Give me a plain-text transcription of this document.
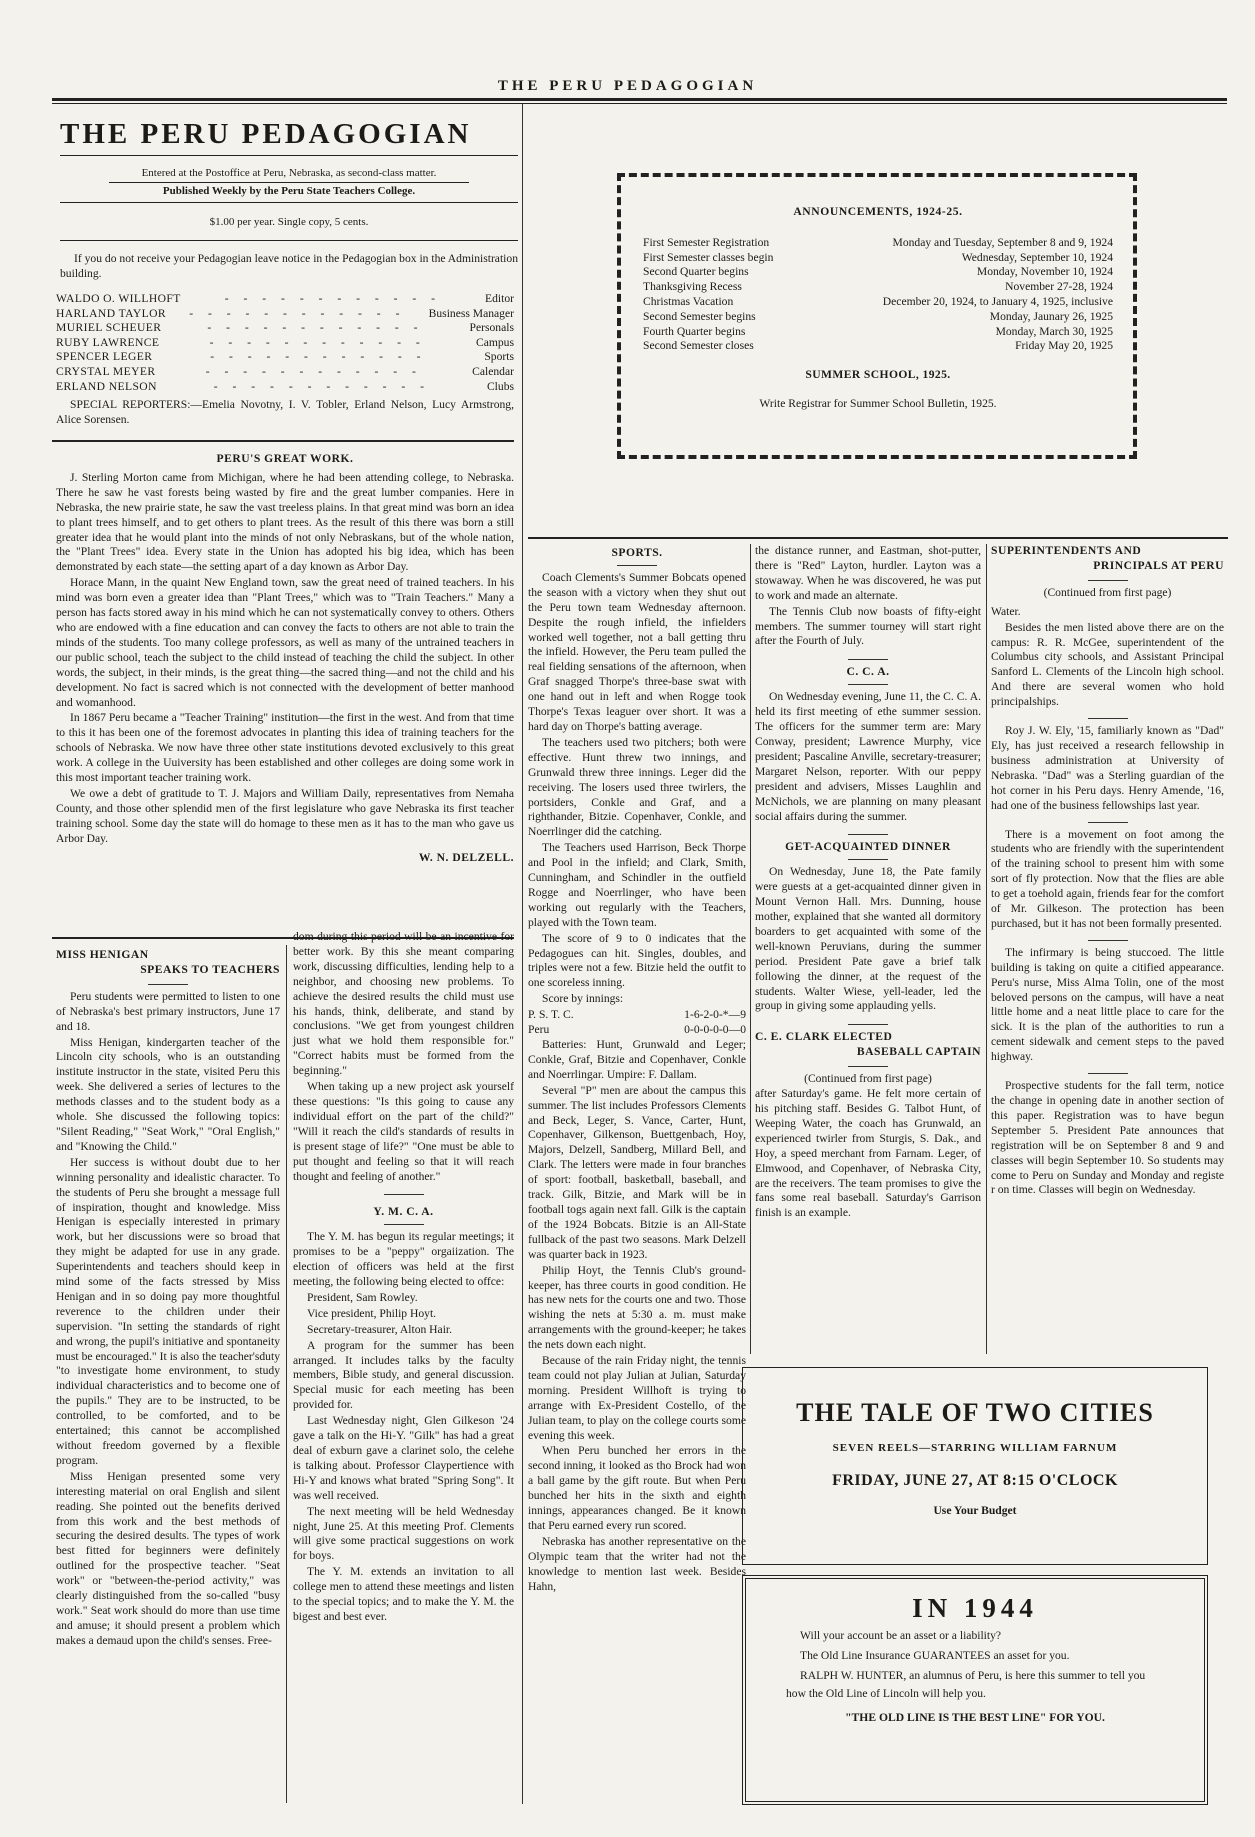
THE PERU PEDAGOGIAN
THE PERU PEDAGOGIAN
Entered at the Postoffice at Peru, Nebraska, as second-class matter.
Published Weekly by the Peru State Teachers College.
$1.00 per year. Single copy, 5 cents.
If you do not receive your Pedagogian leave notice in the Pedagogian box in the Administration building.
WALDO O. WILLHOFT	- - - - - - - - - - - -	Editor
HARLAND TAYLOR	- - - - - - - - - - - -	Business Manager
MURIEL SCHEUER	- - - - - - - - - - - -	Personals
RUBY LAWRENCE	- - - - - - - - - - - -	Campus
SPENCER LEGER	- - - - - - - - - - - -	Sports
CRYSTAL MEYER	- - - - - - - - - - - -	Calendar
ERLAND NELSON	- - - - - - - - - - - -	Clubs

SPECIAL REPORTERS:—Emelia Novotny, I. V. Tobler, Erland Nelson, Lucy Armstrong, Alice Sorensen.

PERU'S GREAT WORK.

J. Sterling Morton came from Michigan, where he had been attending college, to Nebraska. There he saw he vast forests being wasted by fire and the great lumber companies. Here in Nebraska, the new prairie state, he saw the vast treeless plains. In that great mind was born an idea to plant trees himself, and to get others to plant trees. As the result of this there was born a still greater idea that he would plant into the minds of not only Nebraskans, but of the whole nation, the "Plant Trees" idea. Every state in the Union has adopted his big idea, which has been demonstrated by each state—the setting apart of a day known as Arbor Day.

Horace Mann, in the quaint New England town, saw the great need of trained teachers. In his mind was born even a greater idea than "Plant Trees," which was to "Train Teachers." Many a person has facts stored away in his mind which he can not systematically convey to others. Others who are endowed with a fine education and can convey the facts to others are not able to train the minds of the students. Too many college professors, as well as many of the untrained teachers in our public school, teach the subject to the child instead of teaching the child the subject. In other words, the subject, in their minds, is the great thing—the sacred thing—and not the child and his development. No fact is sacred which is not connected with the development of better manhood and womanhood.

In 1867 Peru became a "Teacher Training" institution—the first in the west. And from that time to this it has been one of the foremost advocates in planting this idea of training teachers for the schools of Nebraska. We now have three other state institutions devoted exclusively to this great work. A college in the Uuiversity has been established and other colleges are doing some work in this most important teacher training work.

We owe a debt of gratitude to T. J. Majors and William Daily, representatives from Nemaha County, and those other splendid men of the first legislature who gave Nebraska its first teacher training school. Some day the state will do homage to these men as it has to the man who gave us Arbor Day.

W. N. DELZELL.
MISS HENIGAN
SPEAKS TO TEACHERS

Peru students were permitted to listen to one of Nebraska's best primary instructors, June 17 and 18.

Miss Henigan, kindergarten teacher of the Lincoln city schools, who is an outstanding institute instructor in the state, visited Peru this week. She delivered a series of lectures to the methods classes and to the student body as a whole. She discussed the following topics: "Silent Reading," "Seat Work," "Oral English," and "Knowing the Child."

Her success is without doubt due to her winning personality and idealistic character. To the students of Peru she brought a message full of inspiration, thought and knowledge. Miss Henigan is especially interested in primary work, but her discussions were so broad that they might be adapted for use in any grade. Superintendents and teachers should keep in mind some of the facts stressed by Miss Henigan and in so doing pay more thoughtful reverence to the children under their supervision. "In setting the standards of right and wrong, the pupil's initiative and spontaneity must be encouraged." It is also the teacher'sduty "to investigate home environment, to study individual characteristics and to become one of the pupils." They are to be instructed, to be controlled, to be comforted, and to be entertained; this cannot be accomplished without freedom governed by a flexible program.

Miss Henigan presented some very interesting material on oral English and silent reading. She pointed out the benefits derived from this work and the best methods of securing the desired desults. The types of work best fitted for beginners were definitely outlined for the prospective teacher. "Seat work" or "between-the-period activity," was clearly distinguished from the so-called "busy work." Seat work should do more than use time and amuse; it should present a problem which makes a demaud upon the child's senses. Free-

dom during this period will be an incentive for better work. By this she meant comparing work, discussing difficulties, lending help to a neighbor, and choosing new problems. To achieve the desired results the child must use his hands, think, deliberate, and stand by conclusions. "We get from youngest children just what we hold them responsible for." "Correct habits must be formed from the beginning."

When taking up a new project ask yourself these questions: "Is this going to cause any individual effort on the part of the child?" "Will it reach the cild's standards of results in is present stage of life?" "One must be able to put thought and feeling so that it will reach thought and feeling of another."

Y. M. C. A.

The Y. M. has begun its regular meetings; it promises to be a "peppy" orgaiization. The election of officers was held at the first meeting, the following being elected to offce:

President, Sam Rowley.

Vice president, Philip Hoyt.

Secretary-treasurer, Alton Hair.

A program for the summer has been arranged. It includes talks by the faculty members, Bible study, and general discussion. Special music for each meeting has been provided for.

Last Wednesday night, Glen Gilkeson '24 gave a talk on the Hi-Y. "Gilk" has had a great deal of exburn gave a clarinet solo, the celehe is talking about. Professor Claypertience with Hi-Y and knows what brated "Spring Song". It was well received.

The next meeting will be held Wednesday night, June 25. At this meeting Prof. Clements will give some practical suggestions on work for boys.

The Y. M. extends an invitation to all college men to attend these meetings and listen to the special topics; and to make the Y. M. the bigest and best ever.

ANNOUNCEMENTS, 1924-25.
First Semester Registration	Monday and Tuesday, September 8 and 9, 1924
First Semester classes begin	Wednesday, September 10, 1924
Second Quarter begins	Monday, November 10, 1924
Thanksgiving Recess	November 27-28, 1924
Christmas Vacation	December 20, 1924, to January 4, 1925, inclusive
Second Semester begins	Monday, Jaunary 26, 1925
Fourth Quarter begins	Monday, March 30, 1925
Second Semester closes	Friday May 20, 1925
SUMMER SCHOOL, 1925.
Write Registrar for Summer School Bulletin, 1925.
SPORTS.

Coach Clements's Summer Bobcats opened the season with a victory when they shut out the Peru town team Wednesday afternoon. Despite the rough infield, the infielders worked well together, not a ball getting thru the infield. However, the Peru team pulled the real fielding sensations of the afternoon, when Graf snagged Thorpe's three-base swat with one hand out in left and when Rogge took Thorpe's Texas leaguer over short. It was a hard day on Thorpe's batting average.

The teachers used two pitchers; both were effective. Hunt threw two innings, and Grunwald threw three innings. Leger did the receiving. The losers used three twirlers, the portsiders, Conkle and Graf, and a righthander, Bitzie. Copenhaver, Conkle, and Noerrlinger did the catching.

The Teachers used Harrison, Beck Thorpe and Pool in the infield; and Clark, Smith, Cunningham, and Schindler in the outfield Rogge and Noerrlinger, who have been working out regularly with the Teachers, played with the Town team.

The score of 9 to 0 indicates that the Pedagogues can hit. Singles, doubles, and triples were not a few. Bitzie held the outfit to one scoreless inning.

Score by innings:

P. S. T. C.	1-6-2-0-*—9
Peru	0-0-0-0-0—0

Batteries: Hunt, Grunwald and Leger; Conkle, Graf, Bitzie and Copenhaver, Conkle and Noerrlingar. Umpire: F. Dallam.

Several "P" men are about the campus this summer. The list includes Professors Clements and Beck, Leger, S. Vance, Carter, Hunt, Copenhaver, Gilkenson, Buettgenbach, Hoy, Majors, Delzell, Sandberg, Millard Bell, and Clark. The letters were made in four branches of sport: football, basketball, baseball, and track. Gilk, Bitzie, and Mark will be in football togs again next fall. Gilk is the captain of the 1924 Bobcats. Bitzie is an All-State fullback of the past two seasons. Mark Delzell was quarter back in 1923.

Philip Hoyt, the Tennis Club's ground-keeper, has three courts in good condition. He has new nets for the courts one and two. Those wishing the nets at 5:30 a. m. must make arrangements with the ground-keeper; he takes the nets down each night.

Because of the rain Friday night, the tennis team could not play Julian at Julian, Saturday morning. President Willhoft is trying to arrange with Ex-President Costello, of the Julian team, to play on the college courts some evening this week.

When Peru bunched her errors in the second inning, it looked as tho Brock had won a ball game by the gift route. But when Peru bunched her hits in the sixth and eighth innings, appearances changed. Be it known that Peru earned every run scored.

Nebraska has another representative on the Olympic team that the writer had not the knowledge to mention last week. Besides Hahn,

the distance runner, and Eastman, shot-putter, there is "Red" Layton, hurdler. Layton was a stowaway. When he was discovered, he was put to work and made an alternate.

The Tennis Club now boasts of fifty-eight members. The summer tourney will start right after the Fourth of July.

C. C. A.

On Wednesday evening, June 11, the C. C. A. held its first meeting of ethe summer session. The officers for the summer term are: Mary Conway, president; Lawrence Murphy, vice president; Pascaline Anville, secretary-treasurer; Margaret Nelson, reporter. With our peppy president and advisers, Misses Laughlin and McNichols, we are planning on many pleasant social affairs during the summer.

GET-ACQUAINTED DINNER

On Wednesday, June 18, the Pate family were guests at a get-acquainted dinner given in Mount Vernon Hall. Mrs. Dunning, house mother, explained that she wanted all dormitory boarders to get acquainted with some of the well-known Peruvians, during the summer period. President Pate gave a brief talk following the dinner, at the request of the students. Walter Wiese, yell-leader, led the group in giving some applauding yells.

C. E. CLARK ELECTED
BASEBALL CAPTAIN
(Continued from first page)

after Saturday's game. He felt more certain of his pitching staff. Besides G. Talbot Hunt, of Weeping Water, the coach has Grunwald, an experienced twirler from Sturgis, S. Dak., and Hoy, a speed merchant from Farnam. Leger, of Elmwood, and Copenhaver, of Nebraska City, are the receivers. The team promises to give the fans some real baseball. Saturday's Garrison finish is an example.

SUPERINTENDENTS AND
PRINCIPALS AT PERU
(Continued from first page)

Water.

Besides the men listed above there are on the campus: R. R. McGee, superintendent of the Columbus city schools, and Assistant Principal Sanford L. Clements of the Lincoln high school. And there are several women who hold principalships.

Roy J. W. Ely, '15, familiarly known as "Dad" Ely, has just received a research fellowship in business administration at University of Nebraska. "Dad" was a Sterling guardian of the hot corner in his Peru days. Henry Amende, '16, had one of the business fellowships last year.

There is a movement on foot among the students who are friendly with the superintendent of the training school to present him with some sort of fly protection. Now that the flies are able to get a toehold again, friends fear for the comfort of Mr. Gilkeson. The protection has been purchased, but it has not been formally presented.

The infirmary is being stuccoed. The little building is taking on quite a citified appearance. Peru's nurse, Miss Alma Tolin, one of the most beloved persons on the campus, will have a neat little home and a neat little place to care for the sick. It is the plan of the authorities to run a cement sidewalk and cement steps to the paved highway.

Prospective students for the fall term, notice the change in opening date in another section of this paper. Registration was to have begun September 5. President Pate announces that registration will be on September 8 and 9 and classes will begin September 10. So students may come to Peru on Sunday and Monday and registe r on time. Classes will begin on Wednesday.

THE TALE OF TWO CITIES
SEVEN REELS—STARRING WILLIAM FARNUM
FRIDAY, JUNE 27, AT 8:15 O'CLOCK
Use Your Budget
IN 1944

Will your account be an asset or a liability?

The Old Line Insurance GUARANTEES an asset for you.

RALPH W. HUNTER, an alumnus of Peru, is here this summer to tell you how the Old Line of Lincoln will help you.

"THE OLD LINE IS THE BEST LINE" FOR YOU.
